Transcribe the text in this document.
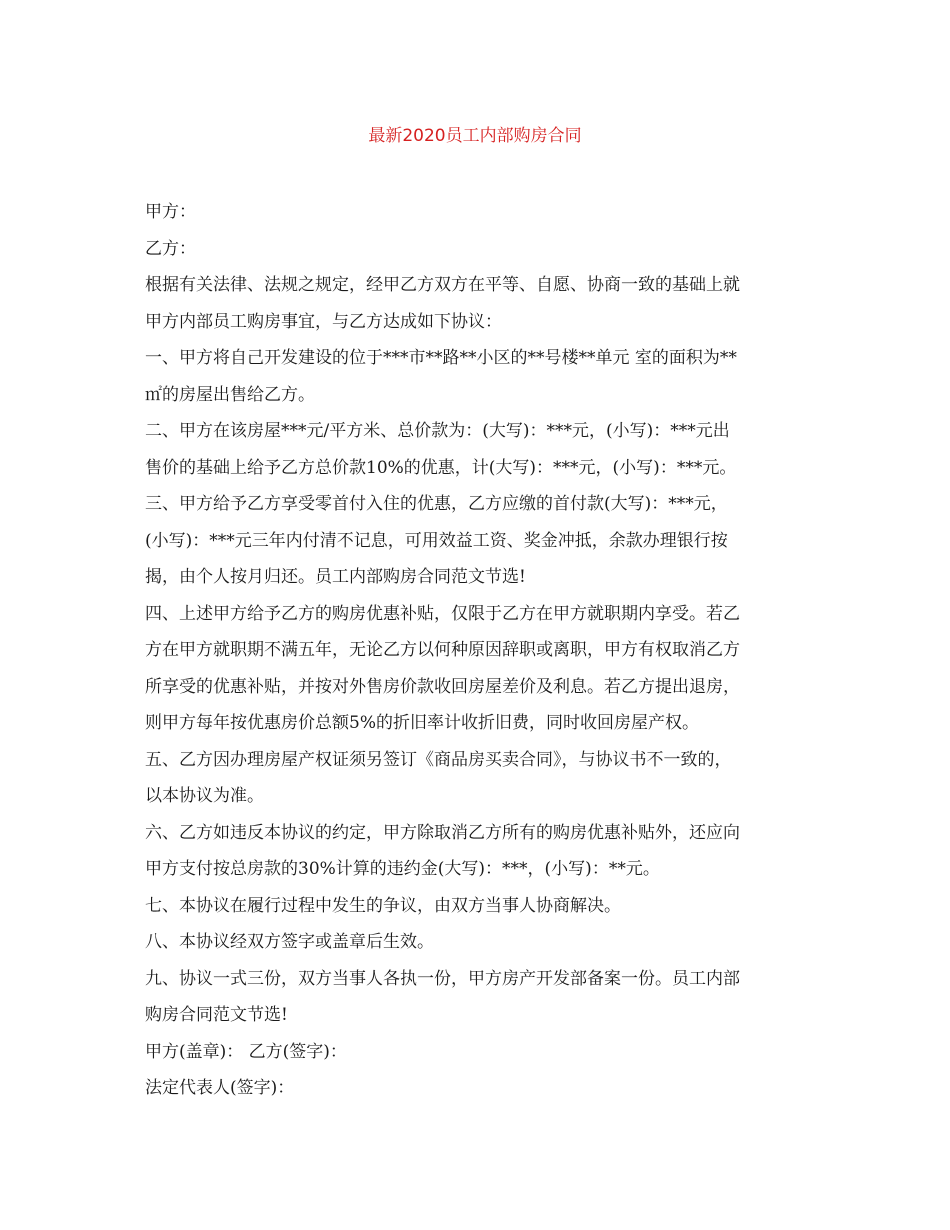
最新2020员工内部购房合同

甲方：

乙方：

根据有关法律、法规之规定，经甲乙方双方在平等、自愿、协商一致的基础上就

甲方内部员工购房事宜，与乙方达成如下协议：

一、甲方将自己开发建设的位于***市**路**小区的**号楼**单元 室的面积为**

㎡的房屋出售给乙方。

二、甲方在该房屋***元/平方米、总价款为：(大写)：***元，(小写)：***元出

售价的基础上给予乙方总价款10%的优惠，计(大写)：***元，(小写)：***元。

三、甲方给予乙方享受零首付入住的优惠，乙方应缴的首付款(大写)：***元，

(小写)：***元三年内付清不记息，可用效益工资、奖金冲抵，余款办理银行按

揭，由个人按月归还。员工内部购房合同范文节选!

四、上述甲方给予乙方的购房优惠补贴，仅限于乙方在甲方就职期内享受。若乙

方在甲方就职期不满五年，无论乙方以何种原因辞职或离职，甲方有权取消乙方

所享受的优惠补贴，并按对外售房价款收回房屋差价及利息。若乙方提出退房，

则甲方每年按优惠房价总额5%的折旧率计收折旧费，同时收回房屋产权。

五、乙方因办理房屋产权证须另签订《商品房买卖合同》，与协议书不一致的，

以本协议为准。

六、乙方如违反本协议的约定，甲方除取消乙方所有的购房优惠补贴外，还应向

甲方支付按总房款的30%计算的违约金(大写)：***，(小写)：**元。

七、本协议在履行过程中发生的争议，由双方当事人协商解决。

八、本协议经双方签字或盖章后生效。

九、协议一式三份，双方当事人各执一份，甲方房产开发部备案一份。员工内部

购房合同范文节选!

甲方(盖章)： 乙方(签字)：

法定代表人(签字)：
